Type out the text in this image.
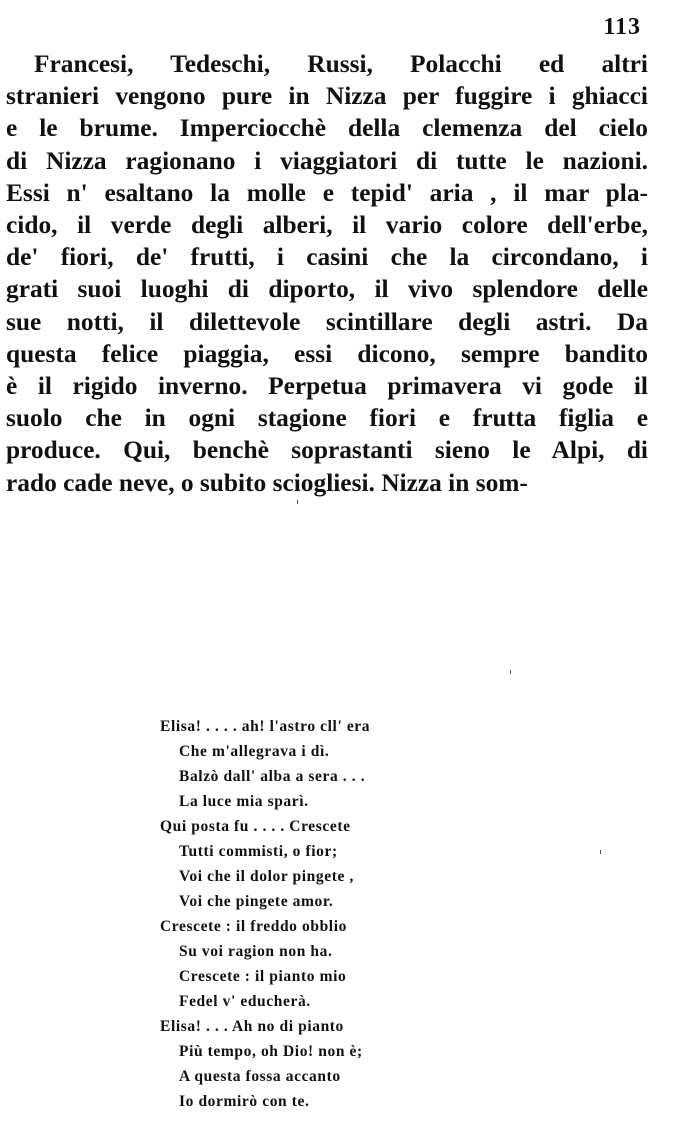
113
Francesi, Tedeschi, Russi, Polacchi ed altri
stranieri vengono pure in Nizza per fuggire i ghiacci
e le brume. Imperciocchè della clemenza del cielo
di Nizza ragionano i viaggiatori di tutte le nazioni.
Essi n' esaltano la molle e tepid' aria , il mar pla-
cido, il verde degli alberi, il vario colore dell'erbe,
de' fiori, de' frutti, i casini che la circondano, i
grati suoi luoghi di diporto, il vivo splendore delle
sue notti, il dilettevole scintillare degli astri. Da
questa felice piaggia, essi dicono, sempre bandito
è il rigido inverno. Perpetua primavera vi gode il
suolo che in ogni stagione fiori e frutta figlia e
produce. Qui, benchè soprastanti sieno le Alpi, di
rado cade neve, o subito sciogliesi. Nizza in som-
Elisa! . . . . ah! l'astro cll' era
Che m'allegrava i dì.
Balzò dall' alba a sera . . .
La luce mia sparì.
Qui posta fu . . . . Crescete
Tutti commisti, o fior;
Voi che il dolor pingete ,
Voi che pingete amor.
Crescete : il freddo obblio
Su voi ragion non ha.
Crescete : il pianto mio
Fedel v' educherà.
Elisa! . . . Ah no di pianto
Più tempo, oh Dio! non è;
A questa fossa accanto
Io dormirò con te.
